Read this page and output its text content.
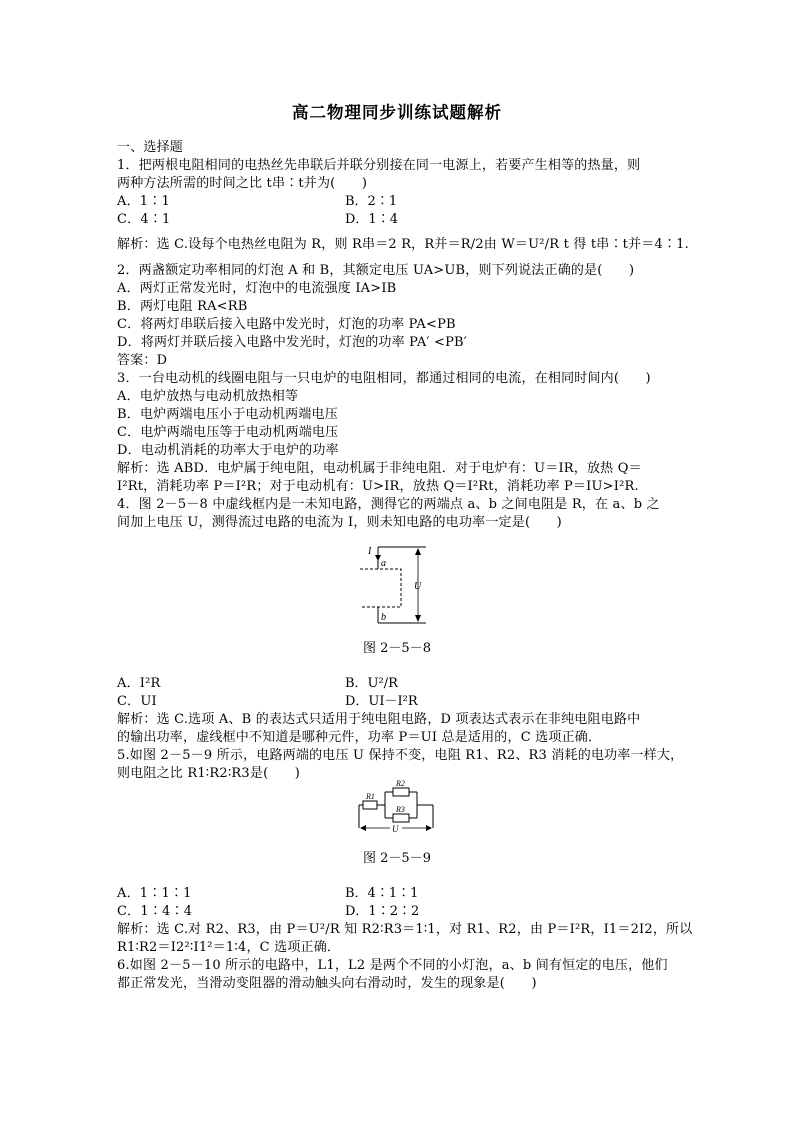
高二物理同步训练试题解析
一、选择题
1．把两根电阻相同的电热丝先串联后并联分别接在同一电源上，若要产生相等的热量，则
两种方法所需的时间之比 t串∶t并为(　　)
A．1∶1	B．2∶1
C．4∶1	D．1∶4
解析：选 C.设每个电热丝电阻为 R，则 R串＝2 R，R并＝R/2由 W＝U²/R t 得 t串∶t并＝4∶1.
2．两盏额定功率相同的灯泡 A 和 B，其额定电压 UA>UB，则下列说法正确的是(　　)
A．两灯正常发光时，灯泡中的电流强度 IA>IB
B．两灯电阻 RA<RB
C．将两灯串联后接入电路中发光时，灯泡的功率 PA<PB
D．将两灯并联后接入电路中发光时，灯泡的功率 PA′ <PB′
答案：D
3．一台电动机的线圈电阻与一只电炉的电阻相同，都通过相同的电流，在相同时间内(　　)
A．电炉放热与电动机放热相等
B．电炉两端电压小于电动机两端电压
C．电炉两端电压等于电动机两端电压
D．电动机消耗的功率大于电炉的功率
解析：选 ABD．电炉属于纯电阻，电动机属于非纯电阻．对于电炉有：U＝IR，放热 Q＝
I²Rt，消耗功率 P＝I²R；对于电动机有：U>IR，放热 Q＝I²Rt，消耗功率 P＝IU>I²R.
4．图 2－5－8 中虚线框内是一未知电路，测得它的两端点 a、b 之间电阻是 R，在 a、b 之
间加上电压 U，测得流过电路的电流为 I，则未知电路的电功率一定是(　　)
I
a
b
U
图 2－5－8
A．I²R	B．U²/R
C．UI	D．UI－I²R
解析：选 C.选项 A、B 的表达式只适用于纯电阻电路，D 项表达式表示在非纯电阻电路中
的输出功率，虚线框中不知道是哪种元件，功率 P＝UI 总是适用的，C 选项正确．
5.如图 2－5－9 所示，电路两端的电压 U 保持不变，电阻 R1、R2、R3 消耗的电功率一样大，
则电阻之比 R1∶R2∶R3是(　　)
R1
R2
R3
U
图 2－5－9
A．1∶1∶1	B．4∶1∶1
C．1∶4∶4	D．1∶2∶2
解析：选 C.对 R2、R3，由 P＝U²/R 知 R2∶R3＝1∶1，对 R1、R2，由 P＝I²R，I1＝2I2，所以
R1∶R2＝I2²∶I1²＝1∶4，C 选项正确．
6.如图 2－5－10 所示的电路中，L1，L2 是两个不同的小灯泡，a、b 间有恒定的电压，他们
都正常发光，当滑动变阻器的滑动触头向右滑动时，发生的现象是(　　)
